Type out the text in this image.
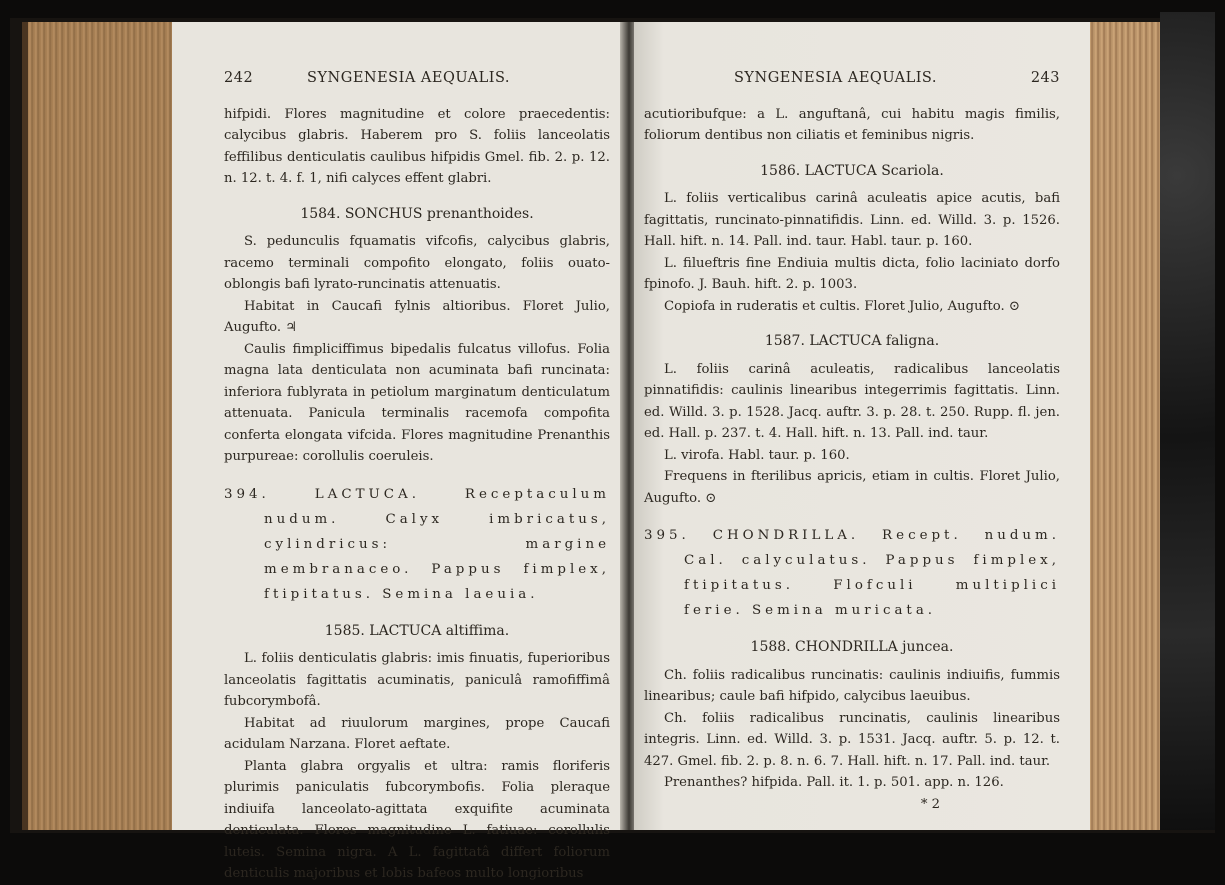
242	SYNGENESIA AEQUALIS.

hifpidi. Flores magnitudine et colore praecedentis: calycibus glabris. Haberem pro S. foliis lanceolatis feffilibus denticulatis caulibus hifpidis Gmel. fib. 2. p. 12. n. 12. t. 4. f. 1, nifi calyces effent glabri.

1584. SONCHUS prenanthoides.

S. pedunculis fquamatis vifcofis, calycibus glabris, racemo terminali compofito elongato, foliis ouato-oblongis bafi lyrato-runcinatis attenuatis.

Habitat in Caucafi fylnis altioribus. Floret Julio, Augufto. ♃

Caulis fimpliciffimus bipedalis fulcatus villofus. Folia magna lata denticulata non acuminata bafi runcinata: inferiora fublyrata in petiolum marginatum denticulatum attenuata. Panicula terminalis racemofa compofita conferta elongata vifcida. Flores magnitudine Prenanthis purpureae: corollulis coeruleis.

394. LACTUCA. Receptaculum nudum. Calyx imbricatus, cylindricus: margine membranaceo. Pappus fimplex, ftipitatus. Semina laeuia.

1585. LACTUCA altiffima.

L. foliis denticulatis glabris: imis finuatis, fuperioribus lanceolatis fagittatis acuminatis, paniculâ ramofiffimâ fubcorymbofâ.

Habitat ad riuulorum margines, prope Caucafi acidulam Narzana. Floret aeftate.

Planta glabra orgyalis et ultra: ramis floriferis plurimis paniculatis fubcorymbofis. Folia pleraque indiuifa lanceolato-agittata exquifite acuminata denticulata. Flores magnitudine L. fatiuae: corollulis luteis. Semina nigra. A L. fagittatâ differt foliorum denticulis majoribus et lobis bafeos multo longioribus

SYNGENESIA AEQUALIS.	243

acutioribufque: a L. anguftanâ, cui habitu magis fimilis, foliorum dentibus non ciliatis et feminibus nigris.

1586. LACTUCA Scariola.

L. foliis verticalibus carinâ aculeatis apice acutis, bafi fagittatis, runcinato-pinnatifidis. Linn. ed. Willd. 3. p. 1526. Hall. hift. n. 14. Pall. ind. taur. Habl. taur. p. 160.

L. filueftris fine Endiuia multis dicta, folio laciniato dorfo fpinofo. J. Bauh. hift. 2. p. 1003.

Copiofa in ruderatis et cultis. Floret Julio, Augufto. ⊙

1587. LACTUCA faligna.

L. foliis carinâ aculeatis, radicalibus lanceolatis pinnatifidis: caulinis linearibus integerrimis fagittatis. Linn. ed. Willd. 3. p. 1528. Jacq. auftr. 3. p. 28. t. 250. Rupp. fl. jen. ed. Hall. p. 237. t. 4. Hall. hift. n. 13. Pall. ind. taur.

L. virofa. Habl. taur. p. 160.

Frequens in fterilibus apricis, etiam in cultis. Floret Julio, Augufto. ⊙

395. CHONDRILLA. Recept. nudum. Cal. calyculatus. Pappus fimplex, ftipitatus. Flofculi multiplici ferie. Semina muricata.

1588. CHONDRILLA juncea.

Ch. foliis radicalibus runcinatis: caulinis indiuifis, fummis linearibus; caule bafi hifpido, calycibus laeuibus.

Ch. foliis radicalibus runcinatis, caulinis linearibus integris. Linn. ed. Willd. 3. p. 1531. Jacq. auftr. 5. p. 12. t. 427. Gmel. fib. 2. p. 8. n. 6. 7. Hall. hift. n. 17. Pall. ind. taur.

Prenanthes? hifpida. Pall. it. 1. p. 501. app. n. 126.

* 2
